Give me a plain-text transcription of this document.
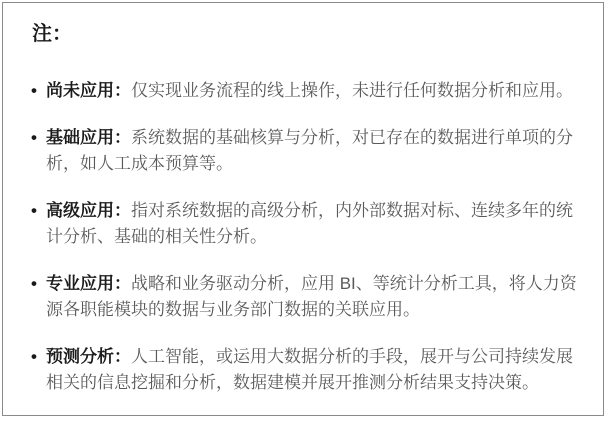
注：
• 尚未应用：仅实现业务流程的线上操作，未进行任何数据分析和应用。
• 基础应用：系统数据的基础核算与分析，对已存在的数据进行单项的分析，如人工成本预算等。
• 高级应用：指对系统数据的高级分析，内外部数据对标、连续多年的统计分析、基础的相关性分析。
• 专业应用：战略和业务驱动分析，应用 BI、等统计分析工具，将人力资源各职能模块的数据与业务部门数据的关联应用。
• 预测分析：人工智能，或运用大数据分析的手段，展开与公司持续发展相关的信息挖掘和分析，数据建模并展开推测分析结果支持决策。
